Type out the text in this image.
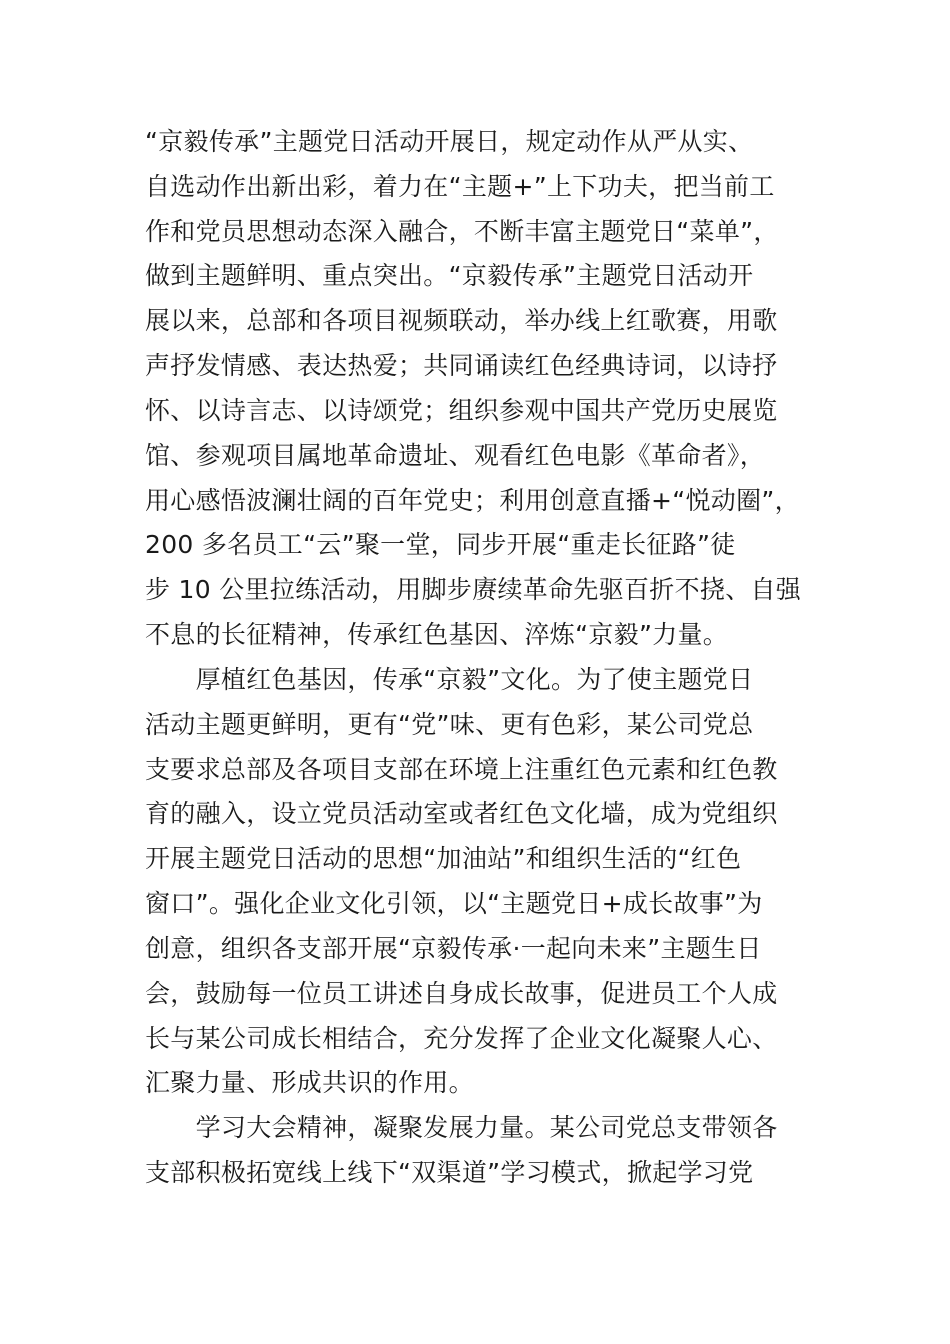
“京毅传承”主题党日活动开展日，规定动作从严从实、
自选动作出新出彩，着力在“主题+”上下功夫，把当前工
作和党员思想动态深入融合，不断丰富主题党日“菜单”，
做到主题鲜明、重点突出。“京毅传承”主题党日活动开
展以来，总部和各项目视频联动，举办线上红歌赛，用歌
声抒发情感、表达热爱；共同诵读红色经典诗词，以诗抒
怀、以诗言志、以诗颂党；组织参观中国共产党历史展览
馆、参观项目属地革命遗址、观看红色电影《革命者》，
用心感悟波澜壮阔的百年党史；利用创意直播+“悦动圈”，
200 多名员工“云”聚一堂，同步开展“重走长征路”徒
步 10 公里拉练活动，用脚步赓续革命先驱百折不挠、自强
不息的长征精神，传承红色基因、淬炼“京毅”力量。
　　厚植红色基因，传承“京毅”文化。为了使主题党日
活动主题更鲜明，更有“党”味、更有色彩，某公司党总
支要求总部及各项目支部在环境上注重红色元素和红色教
育的融入，设立党员活动室或者红色文化墙，成为党组织
开展主题党日活动的思想“加油站”和组织生活的“红色
窗口”。强化企业文化引领，以“主题党日+成长故事”为
创意，组织各支部开展“京毅传承·一起向未来”主题生日
会，鼓励每一位员工讲述自身成长故事，促进员工个人成
长与某公司成长相结合，充分发挥了企业文化凝聚人心、
汇聚力量、形成共识的作用。
　　学习大会精神，凝聚发展力量。某公司党总支带领各
支部积极拓宽线上线下“双渠道”学习模式，掀起学习党
